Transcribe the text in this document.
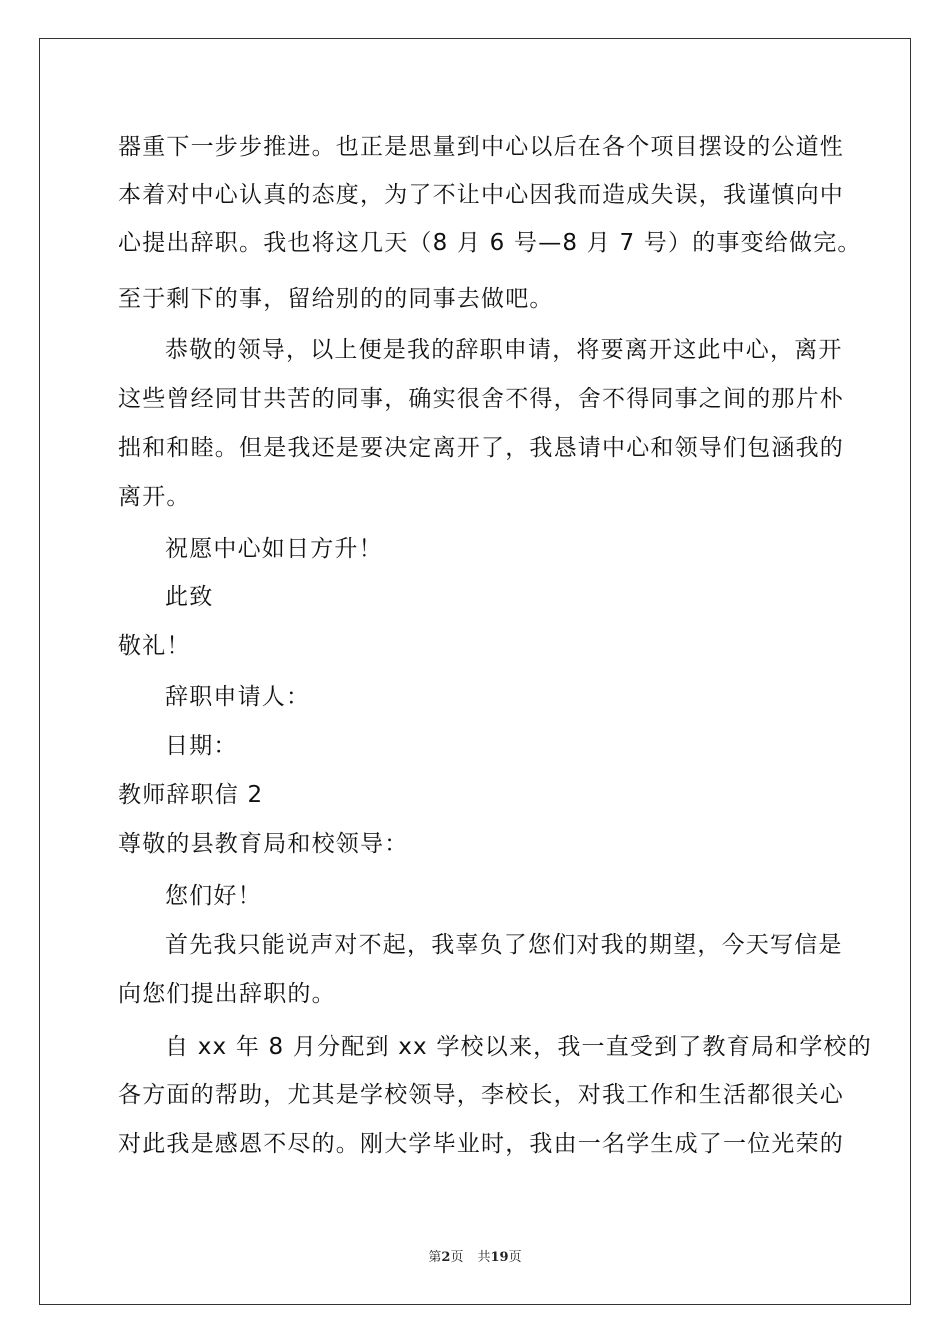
器重下一步步推进。也正是思量到中心以后在各个项目摆设的公道性
本着对中心认真的态度，为了不让中心因我而造成失误，我谨慎向中
心提出辞职。我也将这几天（8 月 6 号—8 月 7 号）的事变给做完。
至于剩下的事，留给别的的同事去做吧。
恭敬的领导，以上便是我的辞职申请，将要离开这此中心，离开
这些曾经同甘共苦的同事，确实很舍不得，舍不得同事之间的那片朴
拙和和睦。但是我还是要决定离开了，我恳请中心和领导们包涵我的
离开。
祝愿中心如日方升！
此致
敬礼！
辞职申请人：
日期：
教师辞职信 2
尊敬的县教育局和校领导：
您们好！
首先我只能说声对不起，我辜负了您们对我的期望，今天写信是
向您们提出辞职的。
自 xx 年 8 月分配到 xx 学校以来，我一直受到了教育局和学校的
各方面的帮助，尤其是学校领导，李校长，对我工作和生活都很关心
对此我是感恩不尽的。刚大学毕业时，我由一名学生成了一位光荣的
第2页 共19页
